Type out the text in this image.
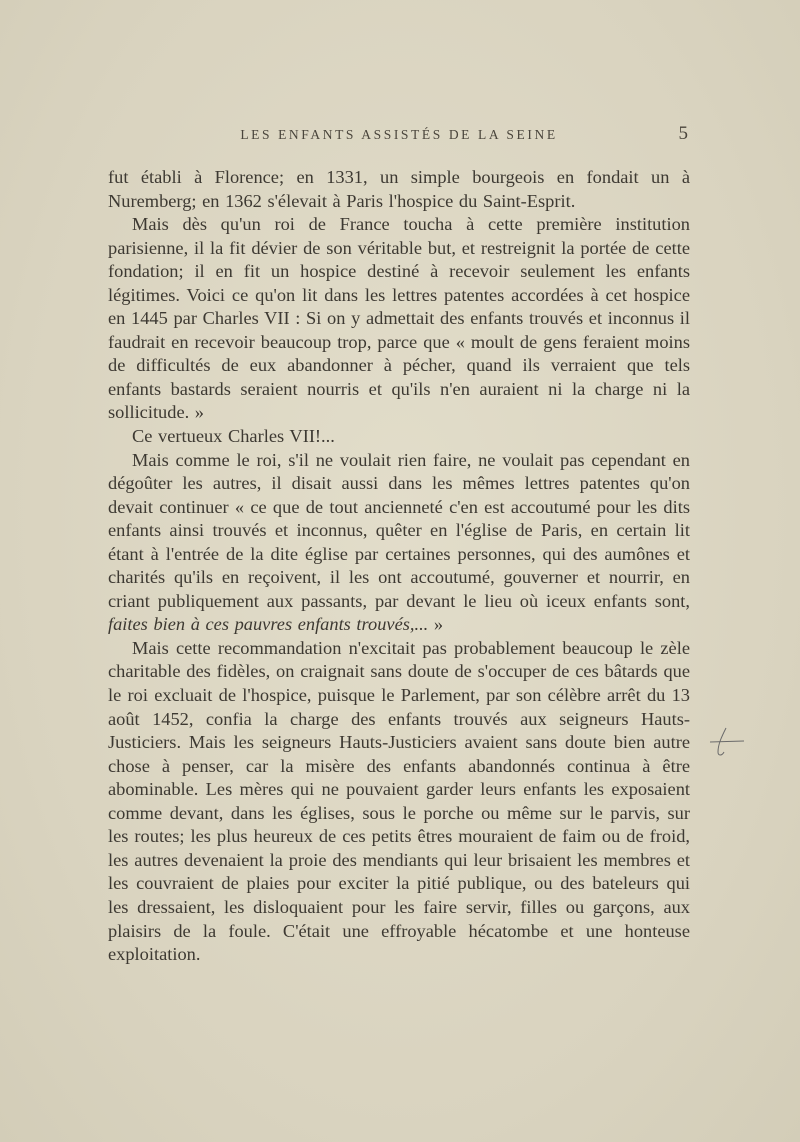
LES ENFANTS ASSISTÉS DE LA SEINE	5

fut établi à Florence; en 1331, un simple bourgeois en fondait un à Nuremberg; en 1362 s'élevait à Paris l'hospice du Saint-Esprit.

Mais dès qu'un roi de France toucha à cette première institution parisienne, il la fit dévier de son véritable but, et restreignit la portée de cette fondation; il en fit un hospice destiné à recevoir seulement les enfants légitimes. Voici ce qu'on lit dans les lettres patentes accordées à cet hospice en 1445 par Charles VII : Si on y admettait des enfants trouvés et inconnus il faudrait en recevoir beaucoup trop, parce que « moult de gens feraient moins de difficultés de eux abandonner à pécher, quand ils verraient que tels enfants bastards seraient nourris et qu'ils n'en auraient ni la charge ni la sollicitude. »

Ce vertueux Charles VII!...

Mais comme le roi, s'il ne voulait rien faire, ne voulait pas cependant en dégoûter les autres, il disait aussi dans les mêmes lettres patentes qu'on devait continuer « ce que de tout ancienneté c'en est accoutumé pour les dits enfants ainsi trouvés et inconnus, quêter en l'église de Paris, en certain lit étant à l'entrée de la dite église par certaines personnes, qui des aumônes et charités qu'ils en reçoivent, il les ont accoutumé, gouverner et nourrir, en criant publiquement aux passants, par devant le lieu où iceux enfants sont, faites bien à ces pauvres enfants trouvés,... »

Mais cette recommandation n'excitait pas probablement beaucoup le zèle charitable des fidèles, on craignait sans doute de s'occuper de ces bâtards que le roi excluait de l'hospice, puisque le Parlement, par son célèbre arrêt du 13 août 1452, confia la charge des enfants trouvés aux seigneurs Hauts-Justiciers. Mais les seigneurs Hauts-Justiciers avaient sans doute bien autre chose à penser, car la misère des enfants abandonnés continua à être abominable. Les mères qui ne pouvaient garder leurs enfants les exposaient comme devant, dans les églises, sous le porche ou même sur le parvis, sur les routes; les plus heureux de ces petits êtres mouraient de faim ou de froid, les autres devenaient la proie des mendiants qui leur brisaient les membres et les couvraient de plaies pour exciter la pitié publique, ou des bateleurs qui les dressaient, les disloquaient pour les faire servir, filles ou garçons, aux plaisirs de la foule. C'était une effroyable hécatombe et une honteuse exploitation.
